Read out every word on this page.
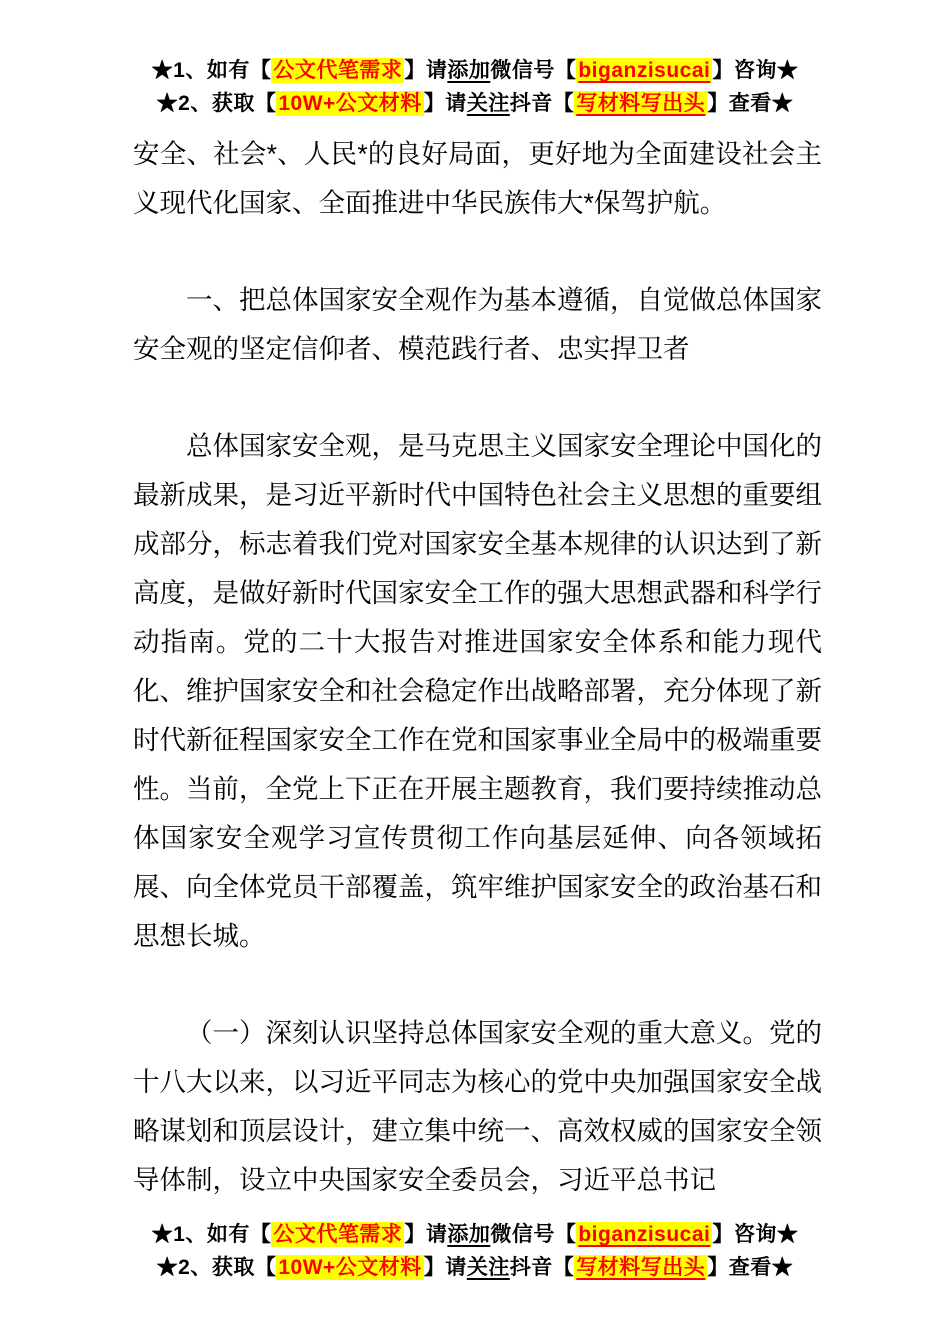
★1、如有【公文代笔需求】请添加微信号【biganzisucai】咨询★
★2、获取【10W+公文材料】请关注抖音【写材料写出头】查看★

安全、社会*、人民*的良好局面，更好地为全面建设社会主义现代化国家、全面推进中华民族伟大*保驾护航。

一、把总体国家安全观作为基本遵循，自觉做总体国家安全观的坚定信仰者、模范践行者、忠实捍卫者

总体国家安全观，是马克思主义国家安全理论中国化的最新成果，是习近平新时代中国特色社会主义思想的重要组成部分，标志着我们党对国家安全基本规律的认识达到了新高度，是做好新时代国家安全工作的强大思想武器和科学行动指南。党的二十大报告对推进国家安全体系和能力现代化、维护国家安全和社会稳定作出战略部署，充分体现了新时代新征程国家安全工作在党和国家事业全局中的极端重要性。当前，全党上下正在开展主题教育，我们要持续推动总体国家安全观学习宣传贯彻工作向基层延伸、向各领域拓展、向全体党员干部覆盖，筑牢维护国家安全的政治基石和思想长城。

（一）深刻认识坚持总体国家安全观的重大意义。党的十八大以来，以习近平同志为核心的党中央加强国家安全战略谋划和顶层设计，建立集中统一、高效权威的国家安全领导体制，设立中央国家安全委员会，习近平总书记

★1、如有【公文代笔需求】请添加微信号【biganzisucai】咨询★
★2、获取【10W+公文材料】请关注抖音【写材料写出头】查看★
